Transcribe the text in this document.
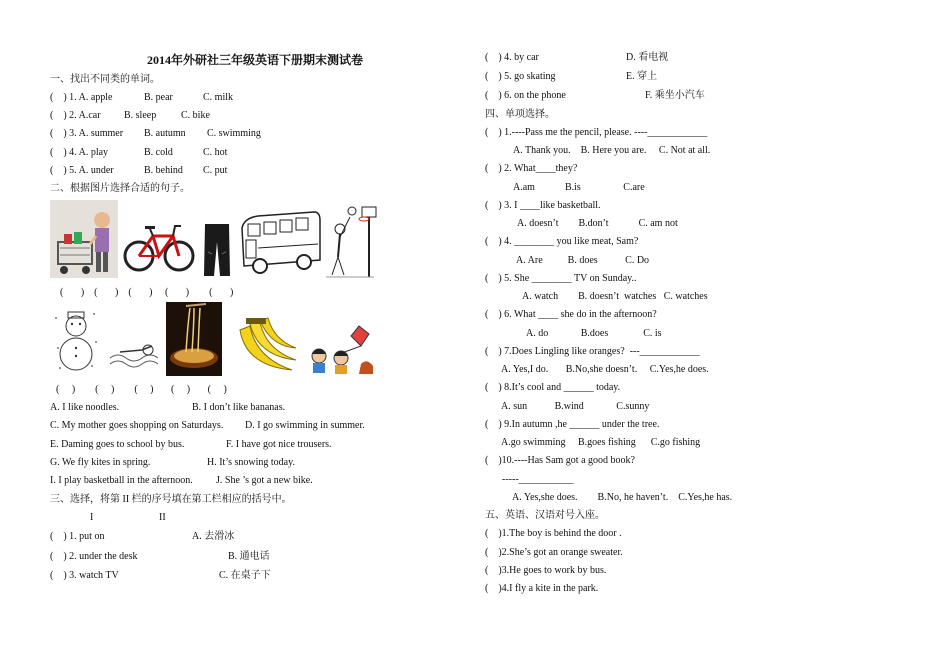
2014年外研社三年级英语下册期末测试卷
一、找出不同类的单词。
(    ) 1. A. apple	B. pear	C. milk
(    ) 2. A.car B. sleep C. bike
(    ) 3. A. summer B. autumn C. swimming
(    ) 4. A. play	B. cold	C. hot
(    ) 5. A. under	B. behind C. put
二、根据图片选择合适的句子。
(       )    (       )    (       )     (       )        (       )
(     )        (     )        (     )       (     )       (     )
A. I like noodles.	B. I don’t like bananas.
C. My mother goes shopping on Saturdays. D. I go swimming in summer.
E. Daming goes to school by bus.	F. I have got nice trousers.
G. We fly kites in spring.	H. It’s snowing today.
I. I play basketball in the afternoon. J. She ’s got a new bike.
三、选择，将第 II 栏的序号填在第工栏相应的括号中。
I	II
(    ) 1. put on	A. 去滑冰
(    ) 2. under the desk	B. 通电话
(    ) 3. watch TV	C. 在桌子下
(    ) 4. by car	D. 看电视
(    ) 5. go skating	E. 穿上
(    ) 6. on the phone	F. 乘坐小汽车
四、单项选择。
(    ) 1.----Pass me the pencil, please. ----____________
A. Thank you.    B. Here you are.     C. Not at all.
(    ) 2. What____they?
A.am            B.is                 C.are
(    ) 3. I ____like basketball.
A. doesn’t        B.don’t            C. am not
(    ) 4. ________ you like meat, Sam?
A. Are          B. does           C. Do
(    ) 5. She ________ TV on Sunday..
A. watch        B. doesn’t  watches   C. watches
(    ) 6. What ____ she do in the afternoon?
A. do             B.does              C. is
(    ) 7.Does Lingling like oranges?  ---____________
A. Yes,I do.       B.No,she doesn’t.     C.Yes,he does.
(    ) 8.It’s cool and ______ today.
A. sun           B.wind             C.sunny
(    ) 9.In autumn ,he ______ under the tree.
A.go swimming     B.goes fishing      C.go fishing
(    )10.----Has Sam got a good book?
-----___________
A. Yes,she does.        B.No, he haven’t.    C.Yes,he has.
五、英语、汉语对号入座。
(    )1.The boy is behind the door .
(    )2.She’s got an orange sweater.
(    )3.He goes to work by bus.
(    )4.I fly a kite in the park.
